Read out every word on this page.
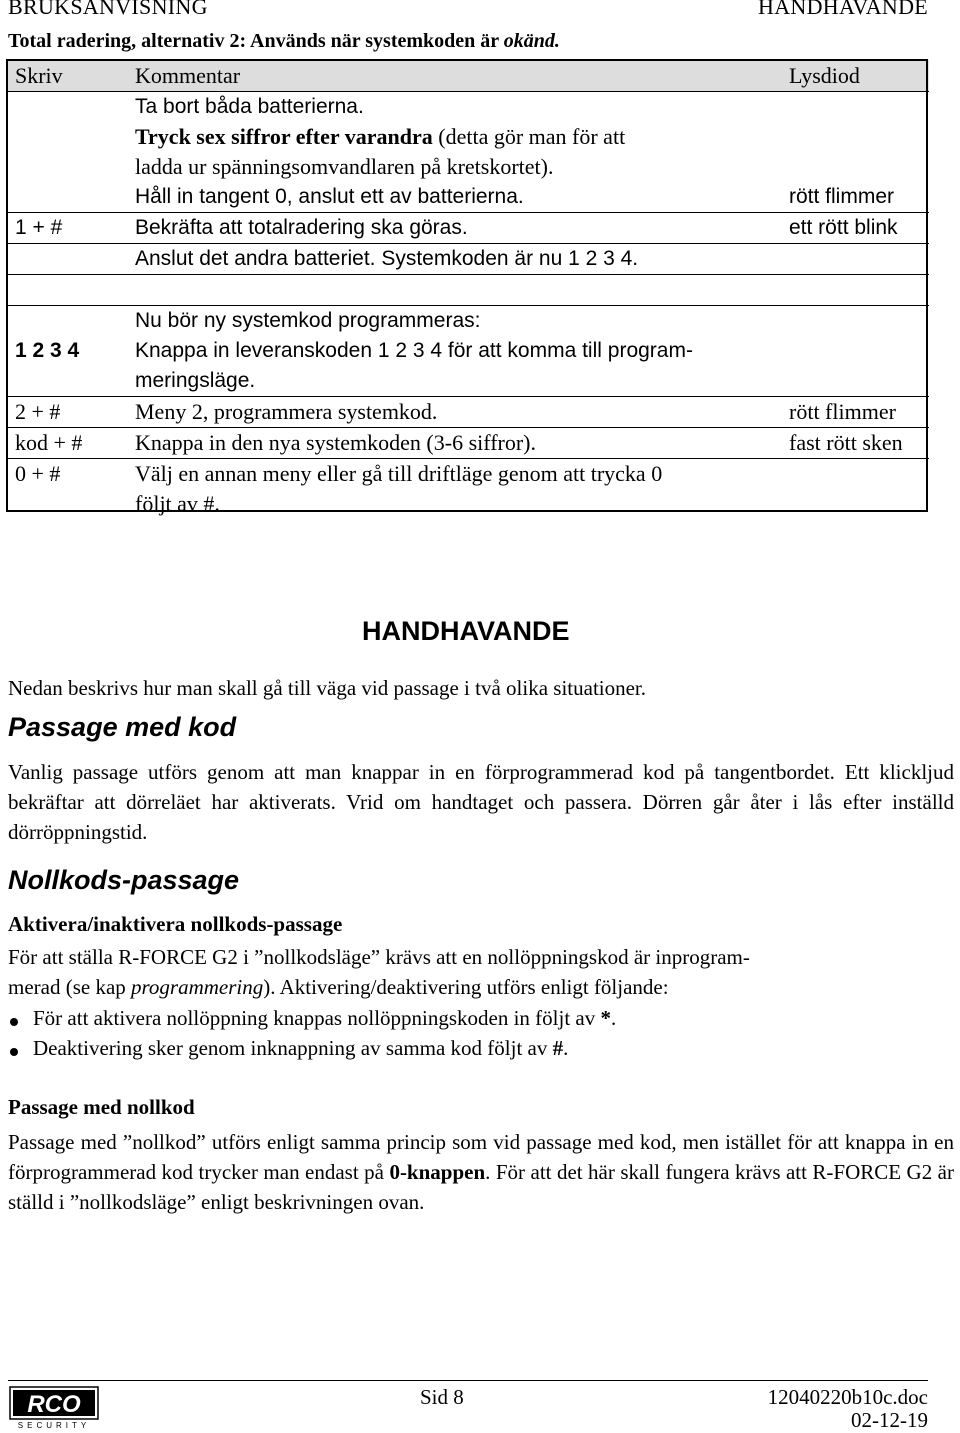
BRUKSANVISNING	HANDHAVANDE
Total radering, alternativ 2: Används när systemkoden är okänd.
Skriv	Kommentar	Lysdiod
	Ta bort båda batterierna.	
	Tryck sex siffror efter varandra (detta gör man för att	
	ladda ur spänningsomvandlaren på kretskortet).	
	Håll in tangent 0, anslut ett av batterierna.	rött flimmer
1 + #	Bekräfta att totalradering ska göras.	ett rött blink
	Anslut det andra batteriet. Systemkoden är nu 1 2 3 4.	

	Nu bör ny systemkod programmeras:	
1 2 3 4	Knappa in leveranskoden 1 2 3 4 för att komma till program-	
	meringsläge.	
2 + #	Meny 2, programmera systemkod.	rött flimmer
kod + #	Knappa in den nya systemkoden (3-6 siffror).	fast rött sken
0 + #	Välj en annan meny eller gå till driftläge genom att trycka 0	
	följt av #.	
HANDHAVANDE
Nedan beskrivs hur man skall gå till väga vid passage i två olika situationer.
Passage med kod
Vanlig passage utförs genom att man knappar in en förprogrammerad kod på tangentbordet. Ett klickljud bekräftar att dörreläet har aktiverats. Vrid om handtaget och passera. Dörren går åter i lås efter inställd dörröppningstid.
Nollkods-passage
Aktivera/inaktivera nollkods-passage
För att ställa R-FORCE G2 i ”nollkodsläge” krävs att en nollöppningskod är inprogram-
merad (se kap programmering). Aktivering/deaktivering utförs enligt följande:
För att aktivera nollöppning knappas nollöppningskoden in följt av *.
Deaktivering sker genom inknappning av samma kod följt av #.
Passage med nollkod
Passage med ”nollkod” utförs enligt samma princip som vid passage med kod, men istället för att knappa in en förprogrammerad kod trycker man endast på 0-knappen. För att det här skall fungera krävs att R-FORCE G2 är ställd i ”nollkodsläge” enligt beskrivningen ovan.
RCO
SECURITY
Sid 8	12040220b10c.doc
02-12-19
